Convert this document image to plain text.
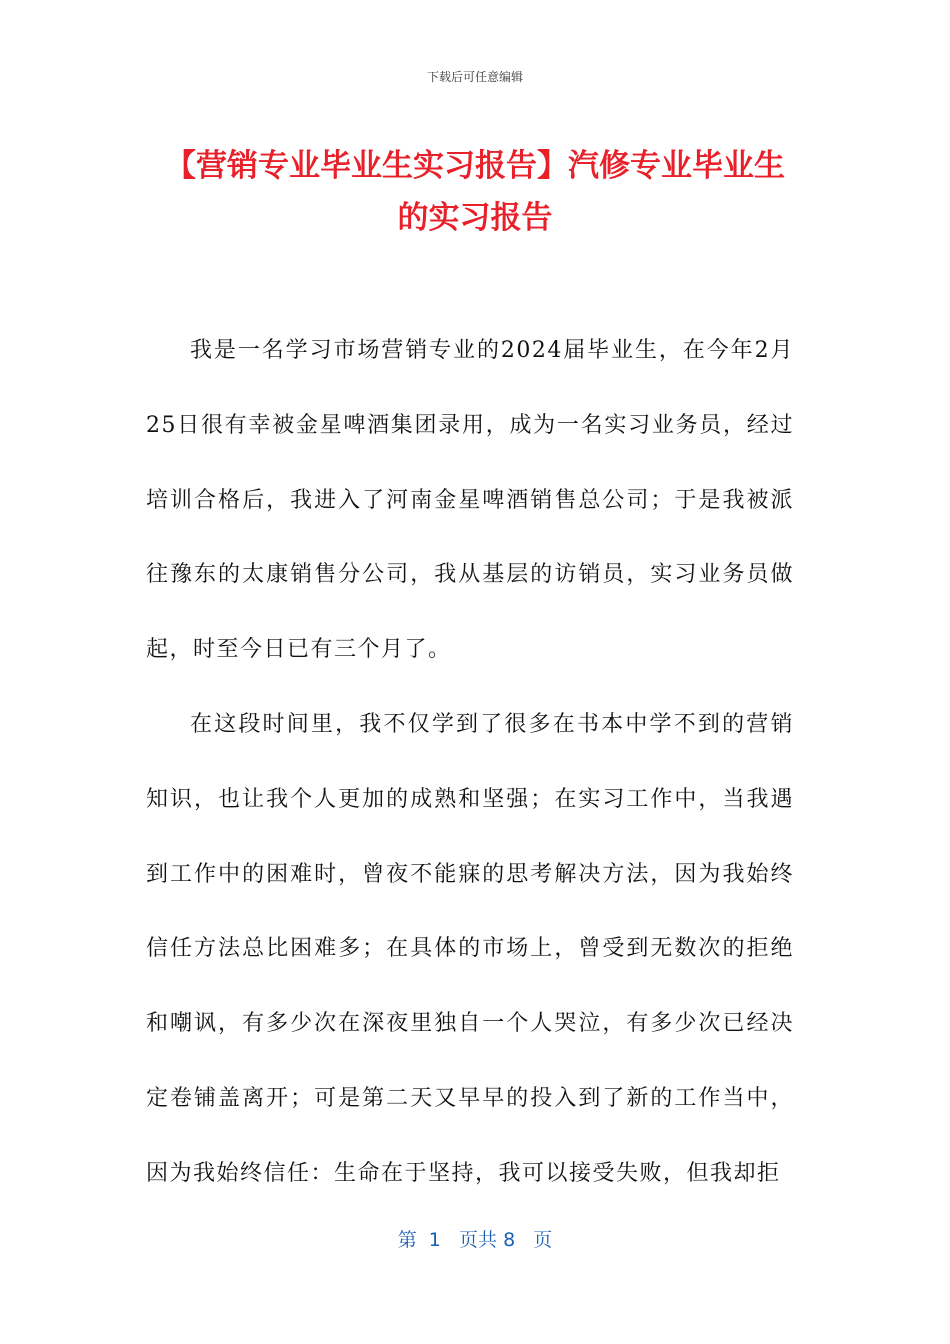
下载后可任意编辑
【营销专业毕业生实习报告】汽修专业毕业生的实习报告

我是一名学习市场营销专业的2024届毕业生，在今年2月25日很有幸被金星啤酒集团录用，成为一名实习业务员，经过培训合格后，我进入了河南金星啤酒销售总公司；于是我被派往豫东的太康销售分公司，我从基层的访销员，实习业务员做起，时至今日已有三个月了。

在这段时间里，我不仅学到了很多在书本中学不到的营销知识，也让我个人更加的成熟和坚强；在实习工作中，当我遇到工作中的困难时，曾夜不能寐的思考解决方法，因为我始终信任方法总比困难多；在具体的市场上，曾受到无数次的拒绝和嘲讽，有多少次在深夜里独自一个人哭泣，有多少次已经决定卷铺盖离开；可是第二天又早早的投入到了新的工作当中，因为我始终信任：生命在于坚持，我可以接受失败，但我却拒

第 1 页共 8 页
